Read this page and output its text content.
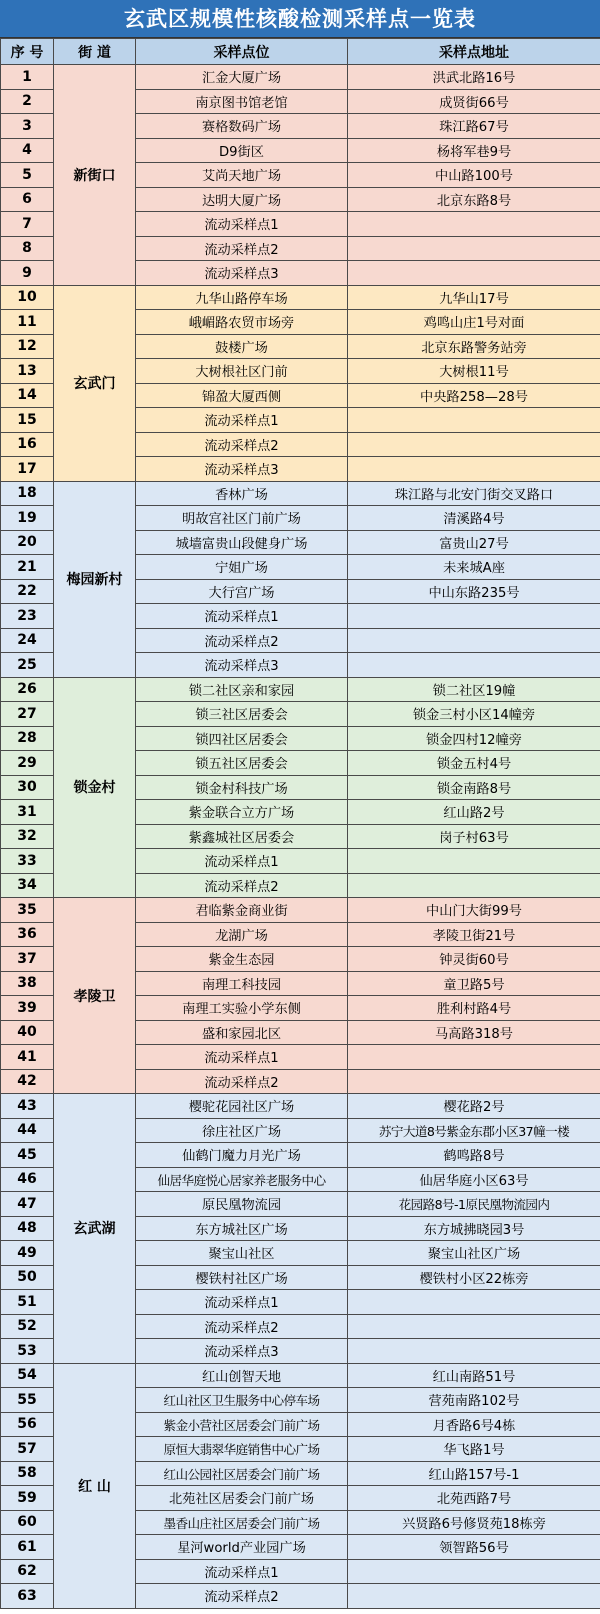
玄武区规模性核酸检测采样点一览表
序 号	街 道	采样点位	采样点地址
1	新街口	汇金大厦广场	洪武北路16号
2		南京图书馆老馆	成贤街66号
3		赛格数码广场	珠江路67号
4		D9街区	杨将军巷9号
5		艾尚天地广场	中山路100号
6		达明大厦广场	北京东路8号
7		流动采样点1	
8		流动采样点2	
9		流动采样点3	
10	玄武门	九华山路停车场	九华山17号
11		峨嵋路农贸市场旁	鸡鸣山庄1号对面
12		鼓楼广场	北京东路警务站旁
13		大树根社区门前	大树根11号
14		锦盈大厦西侧	中央路258—28号
15		流动采样点1	
16		流动采样点2	
17		流动采样点3	
18	梅园新村	香林广场	珠江路与北安门街交叉路口
19		明故宫社区门前广场	清溪路4号
20		城墙富贵山段健身广场	富贵山27号
21		宁姐广场	未来城A座
22		大行宫广场	中山东路235号
23		流动采样点1	
24		流动采样点2	
25		流动采样点3	
26	锁金村	锁二社区亲和家园	锁二社区19幢
27		锁三社区居委会	锁金三村小区14幢旁
28		锁四社区居委会	锁金四村12幢旁
29		锁五社区居委会	锁金五村4号
30		锁金村科技广场	锁金南路8号
31		紫金联合立方广场	红山路2号
32		紫鑫城社区居委会	岗子村63号
33		流动采样点1	
34		流动采样点2	
35	孝陵卫	君临紫金商业街	中山门大街99号
36		龙湖广场	孝陵卫街21号
37		紫金生态园	钟灵街60号
38		南理工科技园	童卫路5号
39		南理工实验小学东侧	胜利村路4号
40		盛和家园北区	马高路318号
41		流动采样点1	
42		流动采样点2	
43	玄武湖	樱驼花园社区广场	樱花路2号
44		徐庄社区广场	苏宁大道8号紫金东郡小区37幢一楼
45		仙鹤门魔力月光广场	鹤鸣路8号
46		仙居华庭悦心居家养老服务中心	仙居华庭小区63号
47		原民凰物流园	花园路8号-1原民凰物流园内
48		东方城社区广场	东方城拂晓园3号
49		聚宝山社区	聚宝山社区广场
50		樱铁村社区广场	樱铁村小区22栋旁
51		流动采样点1	
52		流动采样点2	
53		流动采样点3	
54	红 山	红山创智天地	红山南路51号
55		红山社区卫生服务中心停车场	营苑南路102号
56		紫金小营社区居委会门前广场	月香路6号4栋
57		原恒大翡翠华庭销售中心广场	华飞路1号
58		红山公园社区居委会门前广场	红山路157号-1
59		北苑社区居委会门前广场	北苑西路7号
60		墨香山庄社区居委会门前广场	兴贤路6号修贤苑18栋旁
61		星河world产业园广场	领智路56号
62		流动采样点1	
63		流动采样点2	
